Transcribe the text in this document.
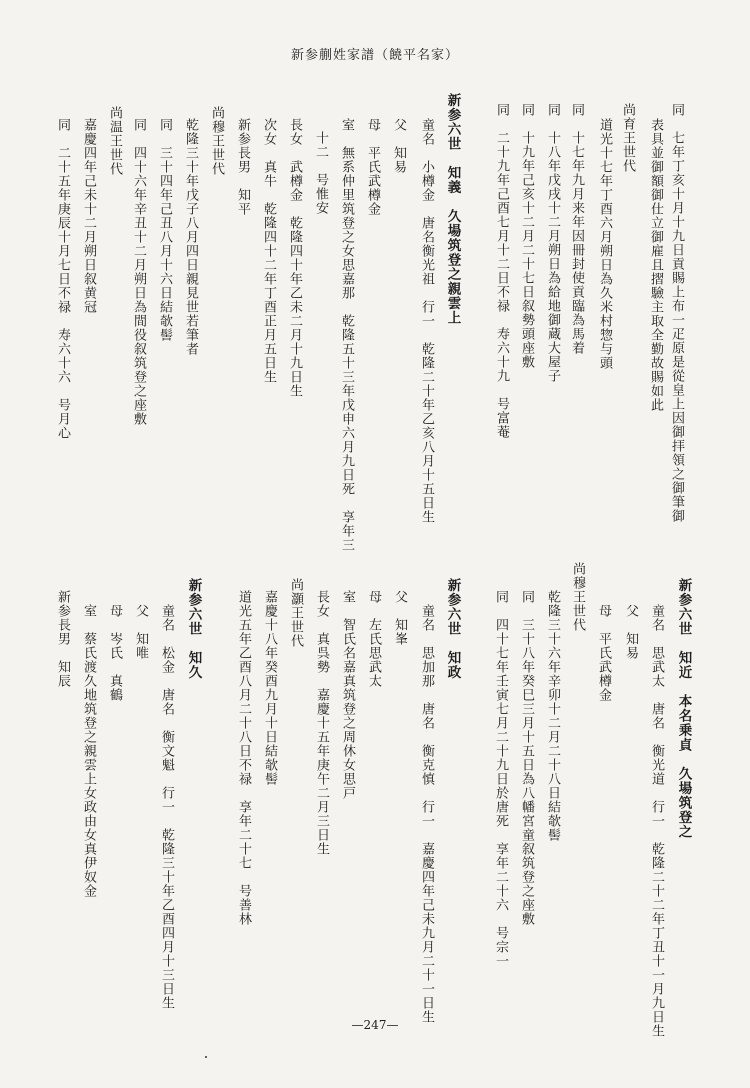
新参蒯姓家譜（饒平名家）
同　七年丁亥十月十九日貢賜上布一疋原是從皇上因御拝領之御筆御
表具並御額御仕立御雇且摺驗主取全勤故賜如此
尚育王世代
道光十七年丁酉六月朔日為久米村惣与頭
同　十七年九月来年因冊封使貢臨為馬着
同　十八年戊戌十二月朔日為給地御蔵大屋子
同　十九年己亥十二月二十七日叙勢頭座敷
同　二十九年己酉七月十二日不禄　寿六十九　号富菴
新参六世　知義　久場筑登之親雲上
童名　小樽金　唐名衡光祖　行一　乾隆二十年乙亥八月十五日生
父　知易
母　平氏武樽金
室　無系仲里筑登之女思嘉那　乾隆五十三年戊申六月九日死　享年三
十二　号惟安
長女　武樽金　乾隆四十年乙未二月十九日生
次女　真牛　乾隆四十二年丁酉正月五日生
新参長男　知平
尚穆王世代
乾隆三十年戊子八月四日親見世若筆者
同　三十四年己丑八月十六日結欹髻
同　四十六年辛丑十二月朔日為間役叙筑登之座敷
尚温王世代
嘉慶四年己未十二月朔日叙黄冠
同　二十五年庚辰十月七日不禄　寿六十六　号月心
新参六世　知近　本名乗貞　久場筑登之
童名　思武太　唐名　衡光道　行一　乾隆二十二年丁丑十一月九日生
父　知易
母　平氏武樽金
尚穆王世代
乾隆三十六年辛卯十二月二十八日結欹髻
同　三十八年癸巳三月十五日為八幡宮童叙筑登之座敷
同　四十七年壬寅七月二十九日於唐死　享年二十六　号宗一
新参六世　知政
童名　思加那　唐名　衡克慎　行一　嘉慶四年己未九月二十一日生
父　知峯
母　左氏思武太
室　智氏名嘉真筑登之周休女思戸
長女　真呉勢　嘉慶十五年庚午二月三日生
尚灝王世代
嘉慶十八年癸酉九月十日結欹髻
道光五年乙酉八月二十八日不禄　享年二十七　号善林
新参六世　知久
童名　松金　唐名　衡文魁　行一　乾隆三十年乙酉四月十三日生
父　知唯
母　岑氏　真鶴
室　蔡氏渡久地筑登之親雲上女政由女真伊奴金
新参長男　知辰
—247—
